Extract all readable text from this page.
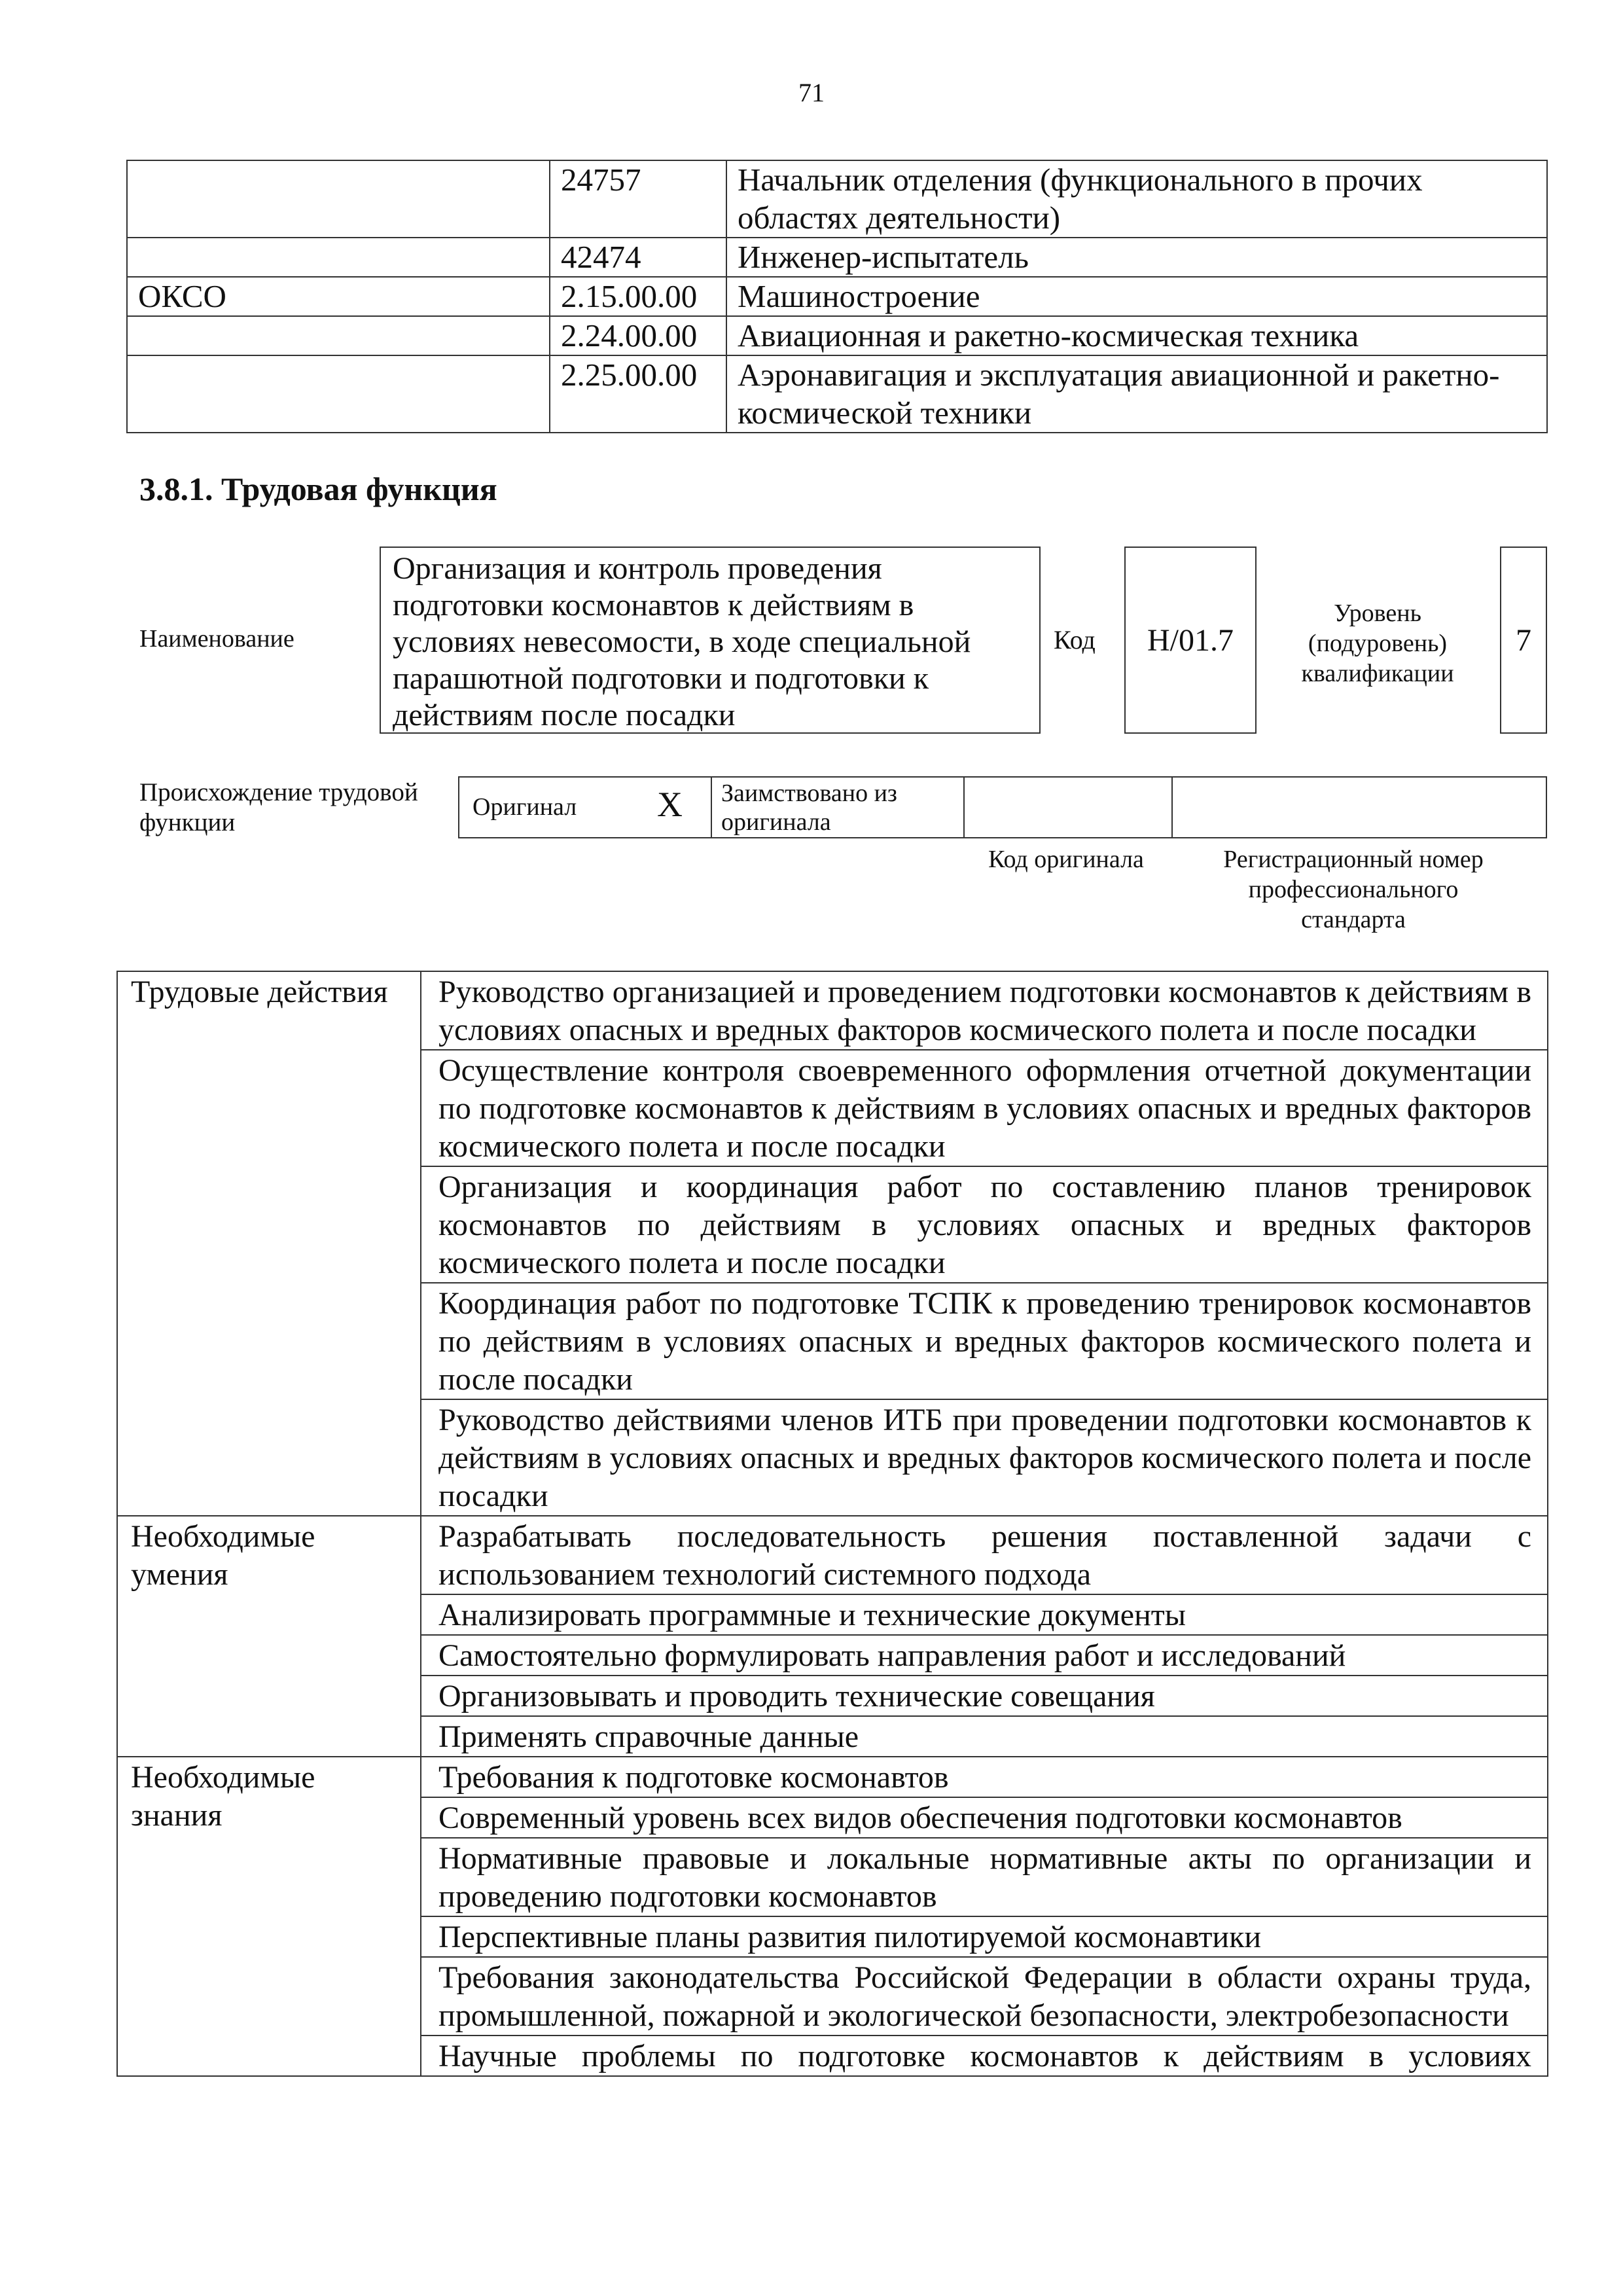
71
	24757	Начальник отделения (функционального в прочих областях деятельности)
	42474	Инженер-испытатель
ОКСО	2.15.00.00	Машиностроение
	2.24.00.00	Авиационная и ракетно-космическая техника
	2.25.00.00	Аэронавигация и эксплуатация авиационной и ракетно-космической техники
3.8.1. Трудовая функция
Наименование
Организация и контроль проведения подготовки космонавтов к действиям в условиях невесомости, в ходе специальной парашютной подготовки и подготовки к действиям после посадки
Код	H/01.7
Уровень (подуровень) квалификации
7
Происхождение трудовой функции
Оригинал X	Заимствовано из оригинала
Код оригинала	Регистрационный номер профессионального стандарта
Трудовые действия	Руководство организацией и проведением подготовки космонавтов к действиям в условиях опасных и вредных факторов космического полета и после посадки
	Осуществление контроля своевременного оформления отчетной документации по подготовке космонавтов к действиям в условиях опасных и вредных факторов космического полета и после посадки
	Организация и координация работ по составлению планов тренировок космонавтов по действиям в условиях опасных и вредных факторов космического полета и после посадки
	Координация работ по подготовке ТСПК к проведению тренировок космонавтов по действиям в условиях опасных и вредных факторов космического полета и после посадки
	Руководство действиями членов ИТБ при проведении подготовки космонавтов к действиям в условиях опасных и вредных факторов космического полета и после посадки
Необходимые умения	Разрабатывать последовательность решения поставленной задачи с использованием технологий системного подхода
	Анализировать программные и технические документы
	Самостоятельно формулировать направления работ и исследований
	Организовывать и проводить технические совещания
	Применять справочные данные
Необходимые знания	Требования к подготовке космонавтов
	Современный уровень всех видов обеспечения подготовки космонавтов
	Нормативные правовые и локальные нормативные акты по организации и проведению подготовки космонавтов
	Перспективные планы развития пилотируемой космонавтики
	Требования законодательства Российской Федерации в области охраны труда, промышленной, пожарной и экологической безопасности, электробезопасности
	Научные проблемы по подготовке космонавтов к действиям в условиях
